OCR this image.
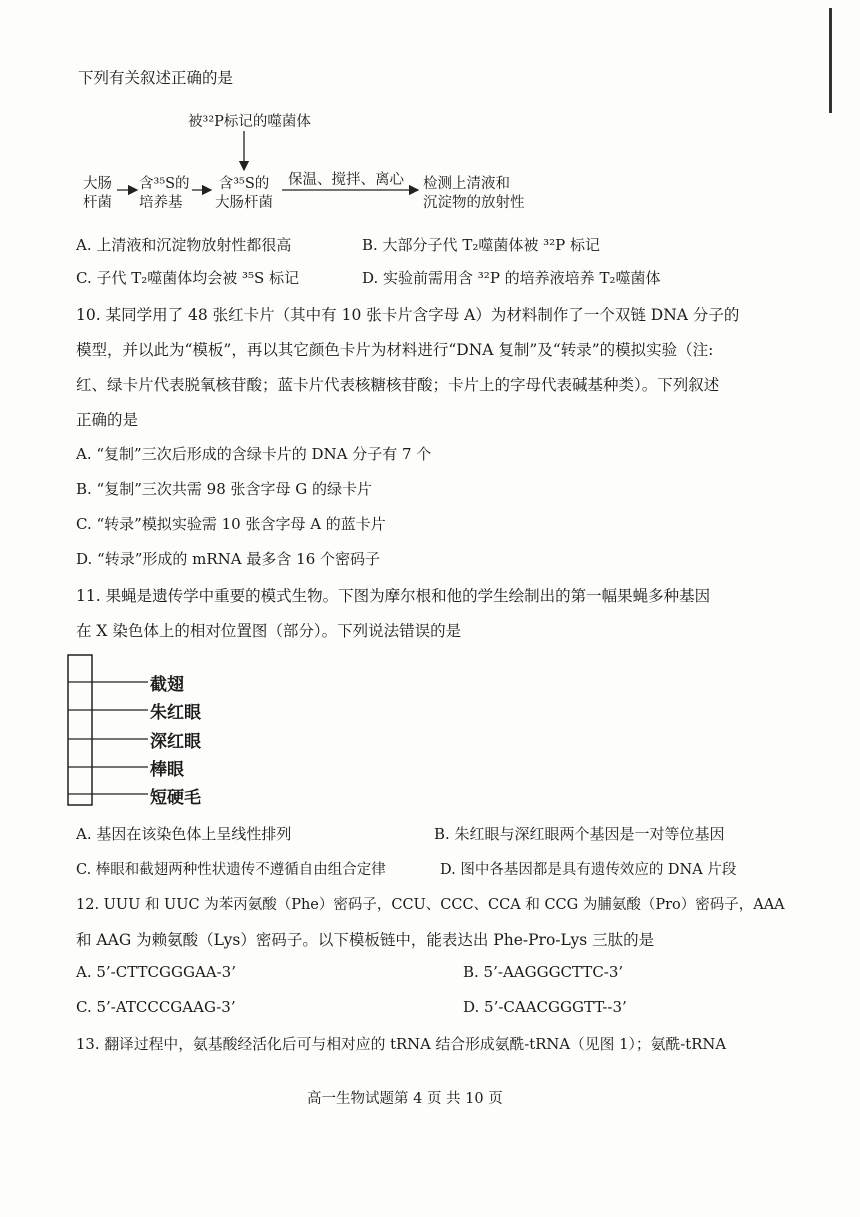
下列有关叙述正确的是
被³²P标记的噬菌体
大肠
杆菌
含³⁵S的
培养基
含³⁵S的
大肠杆菌
保温、搅拌、离心 检测上清液和
沉淀物的放射性
A. 上清液和沉淀物放射性都很高	B. 大部分子代 T₂噬菌体被 ³²P 标记
C. 子代 T₂噬菌体均会被 ³⁵S 标记	D. 实验前需用含 ³²P 的培养液培养 T₂噬菌体
10. 某同学用了 48 张红卡片（其中有 10 张卡片含字母 A）为材料制作了一个双链 DNA 分子的
模型，并以此为“模板”，再以其它颜色卡片为材料进行“DNA 复制”及“转录”的模拟实验（注:
红、绿卡片代表脱氧核苷酸；蓝卡片代表核糖核苷酸；卡片上的字母代表碱基种类）。下列叙述
正确的是
A. “复制”三次后形成的含绿卡片的 DNA 分子有 7 个
B. “复制”三次共需 98 张含字母 G 的绿卡片
C. “转录”模拟实验需 10 张含字母 A 的蓝卡片
D. “转录”形成的 mRNA 最多含 16 个密码子
11. 果蝇是遗传学中重要的模式生物。下图为摩尔根和他的学生绘制出的第一幅果蝇多种基因
在 X 染色体上的相对位置图（部分）。下列说法错误的是
截翅
朱红眼
深红眼
棒眼
短硬毛
A. 基因在该染色体上呈线性排列	B. 朱红眼与深红眼两个基因是一对等位基因
C. 棒眼和截翅两种性状遗传不遵循自由组合定律	D. 图中各基因都是具有遗传效应的 DNA 片段
12. UUU 和 UUC 为苯丙氨酸（Phe）密码子，CCU、CCC、CCA 和 CCG 为脯氨酸（Pro）密码子，AAA
和 AAG 为赖氨酸（Lys）密码子。以下模板链中，能表达出 Phe-Pro-Lys 三肽的是
A. 5’-CTTCGGGAA-3’	B. 5’-AAGGGCTTC-3’
C. 5’-ATCCCGAAG-3’	D. 5’-CAACGGGTT--3’
13. 翻译过程中，氨基酸经活化后可与相对应的 tRNA 结合形成氨酰-tRNA（见图 1）；氨酰-tRNA
高一生物试题第 4 页 共 10 页
